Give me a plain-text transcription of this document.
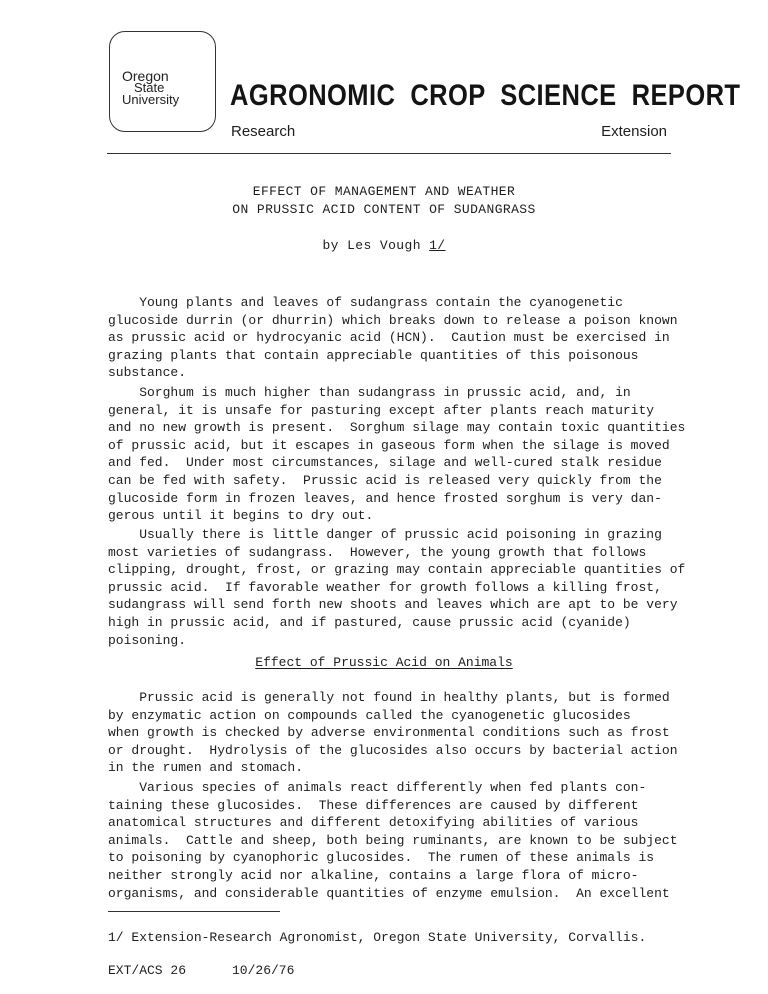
Oregon
State
University	AGRONOMIC  CROP  SCIENCE  REPORT
Research	Extension
EFFECT OF MANAGEMENT AND WEATHER
ON PRUSSIC ACID CONTENT OF SUDANGRASS
by Les Vough 1/

Young plants and leaves of sudangrass contain the cyanogenetic

glucoside durrin (or dhurrin) which breaks down to release a poison known

as prussic acid or hydrocyanic acid (HCN).  Caution must be exercised in

grazing plants that contain appreciable quantities of this poisonous

substance.

Sorghum is much higher than sudangrass in prussic acid, and, in

general, it is unsafe for pasturing except after plants reach maturity

and no new growth is present.  Sorghum silage may contain toxic quantities

of prussic acid, but it escapes in gaseous form when the silage is moved

and fed.  Under most circumstances, silage and well-cured stalk residue

can be fed with safety.  Prussic acid is released very quickly from the

glucoside form in frozen leaves, and hence frosted sorghum is very dan-

gerous until it begins to dry out.

Usually there is little danger of prussic acid poisoning in grazing

most varieties of sudangrass.  However, the young growth that follows

clipping, drought, frost, or grazing may contain appreciable quantities of

prussic acid.  If favorable weather for growth follows a killing frost,

sudangrass will send forth new shoots and leaves which are apt to be very

high in prussic acid, and if pastured, cause prussic acid (cyanide)

poisoning.

Effect of Prussic Acid on Animals

Prussic acid is generally not found in healthy plants, but is formed

by enzymatic action on compounds called the cyanogenetic glucosides

when growth is checked by adverse environmental conditions such as frost

or drought.  Hydrolysis of the glucosides also occurs by bacterial action

in the rumen and stomach.

Various species of animals react differently when fed plants con-

taining these glucosides.  These differences are caused by different

anatomical structures and different detoxifying abilities of various

animals.  Cattle and sheep, both being ruminants, are known to be subject

to poisoning by cyanophoric glucosides.  The rumen of these animals is

neither strongly acid nor alkaline, contains a large flora of micro-

organisms, and considerable quantities of enzyme emulsion.  An excellent

1/ Extension-Research Agronomist, Oregon State University, Corvallis.
EXT/ACS 26	10/26/76
